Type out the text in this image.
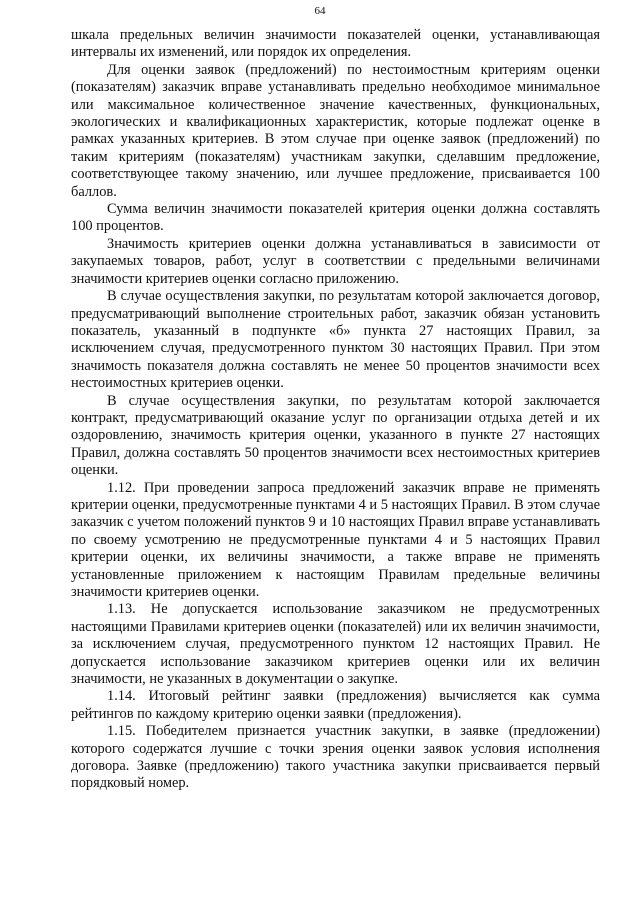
64

шкала предельных величин значимости показателей оценки, устанавливающая интервалы их изменений, или порядок их определения.

Для оценки заявок (предложений) по нестоимостным критериям оценки (показателям) заказчик вправе устанавливать предельно необходимое минимальное или максимальное количественное значение качественных, функциональных, экологических и квалификационных характеристик, которые подлежат оценке в рамках указанных критериев. В этом случае при оценке заявок (предложений) по таким критериям (показателям) участникам закупки, сделавшим предложение, соответствующее такому значению, или лучшее предложение, присваивается 100 баллов.

Сумма величин значимости показателей критерия оценки должна составлять 100 процентов.

Значимость критериев оценки должна устанавливаться в зависимости от закупаемых товаров, работ, услуг в соответствии с предельными величинами значимости критериев оценки согласно приложению.

В случае осуществления закупки, по результатам которой заключается договор, предусматривающий выполнение строительных работ, заказчик обязан установить показатель, указанный в подпункте «б» пункта 27 настоящих Правил, за исключением случая, предусмотренного пунктом 30 настоящих Правил. При этом значимость показателя должна составлять не менее 50 процентов значимости всех нестоимостных критериев оценки.

В случае осуществления закупки, по результатам которой заключается контракт, предусматривающий оказание услуг по организации отдыха детей и их оздоровлению, значимость критерия оценки, указанного в пункте 27 настоящих Правил, должна составлять 50 процентов значимости всех нестоимостных критериев оценки.

1.12. При проведении запроса предложений заказчик вправе не применять критерии оценки, предусмотренные пунктами 4 и 5 настоящих Правил. В этом случае заказчик с учетом положений пунктов 9 и 10 настоящих Правил вправе устанавливать по своему усмотрению не предусмотренные пунктами 4 и 5 настоящих Правил критерии оценки, их величины значимости, а также вправе не применять установленные приложением к настоящим Правилам предельные величины значимости критериев оценки.

1.13. Не допускается использование заказчиком не предусмотренных настоящими Правилами критериев оценки (показателей) или их величин значимости, за исключением случая, предусмотренного пунктом 12 настоящих Правил. Не допускается использование заказчиком критериев оценки или их величин значимости, не указанных в документации о закупке.

1.14. Итоговый рейтинг заявки (предложения) вычисляется как сумма рейтингов по каждому критерию оценки заявки (предложения).

1.15. Победителем признается участник закупки, в заявке (предложении) которого содержатся лучшие с точки зрения оценки заявок условия исполнения договора. Заявке (предложению) такого участника закупки присваивается первый порядковый номер.
